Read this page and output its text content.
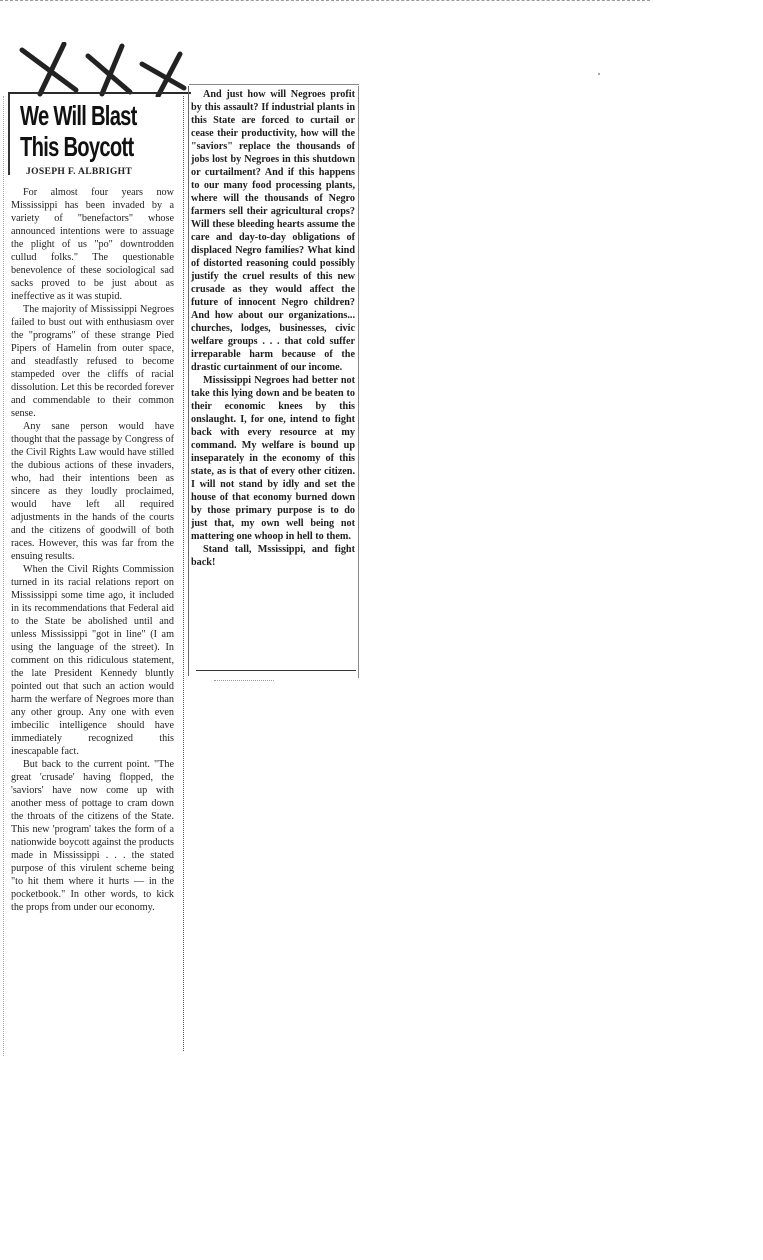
We Will Blast
This Boycott
JOSEPH F. ALBRIGHT

For almost four years now Mississippi has been invaded by a variety of "benefactors" whose announced intentions were to assuage the plight of us "po" downtrodden cullud folks." The questionable benevolence of these sociological sad sacks proved to be just about as ineffective as it was stupid.

The majority of Mississippi Negroes failed to bust out with enthusiasm over the "programs" of these strange Pied Pipers of Hamelin from outer space, and steadfastly refused to become stampeded over the cliffs of racial dissolution. Let this be recorded forever and commendable to their common sense.

Any sane person would have thought that the passage by Congress of the Civil Rights Law would have stilled the dubious actions of these invaders, who, had their intentions been as sincere as they loudly proclaimed, would have left all required adjustments in the hands of the courts and the citizens of goodwill of both races. However, this was far from the ensuing results.

When the Civil Rights Commission turned in its racial relations report on Mississippi some time ago, it included in its recommendations that Federal aid to the State be abolished until and unless Mississippi "got in line" (I am using the language of the street). In comment on this ridiculous statement, the late President Kennedy bluntly pointed out that such an action would harm the werfare of Negroes more than any other group. Any one with even imbecilic intelligence should have immediately recognized this inescapable fact.

But back to the current point. "The great 'crusade' having flopped, the 'saviors' have now come up with another mess of pottage to cram down the throats of the citizens of the State. This new 'program' takes the form of a nationwide boycott against the products made in Mississippi . . . the stated purpose of this virulent scheme being "to hit them where it hurts — in the pocketbook." In other words, to kick the props from under our economy.

And just how will Negroes profit by this assault? If industrial plants in this State are forced to curtail or cease their productivity, how will the "saviors" replace the thousands of jobs lost by Negroes in this shutdown or curtailment? And if this happens to our many food processing plants, where will the thousands of Negro farmers sell their agricultural crops? Will these bleeding hearts assume the care and day-to-day obligations of displaced Negro families? What kind of distorted reasoning could possibly justify the cruel results of this new crusade as they would affect the future of innocent Negro children? And how about our organizations... churches, lodges, businesses, civic welfare groups . . . that cold suffer irreparable harm because of the drastic curtainment of our income.

Mississippi Negroes had better not take this lying down and be beaten to their economic knees by this onslaught. I, for one, intend to fight back with every resource at my command. My welfare is bound up inseparately in the economy of this state, as is that of every other citizen. I will not stand by idly and set the house of that economy burned down by those primary purpose is to do just that, my own well being not mattering one whoop in hell to them.

Stand tall, Mssissippi, and fight back!
